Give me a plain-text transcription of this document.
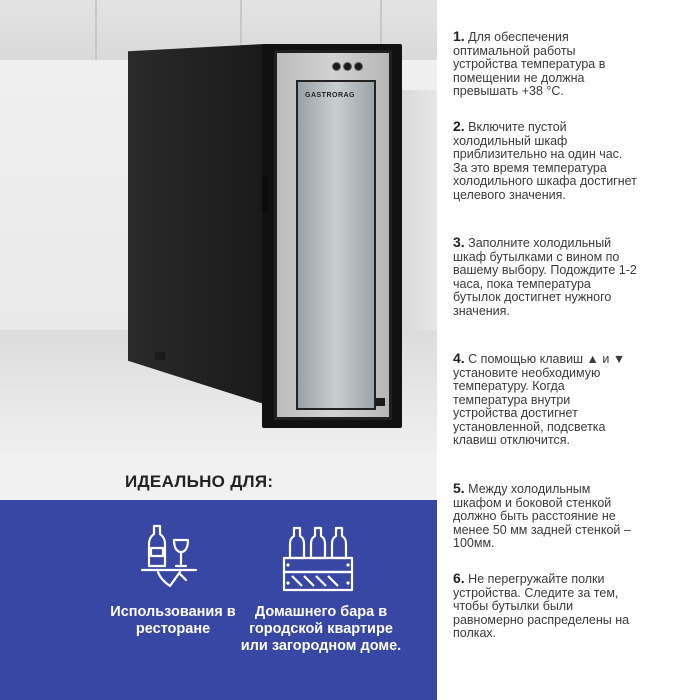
GASTRORAG
ИДЕАЛЬНО ДЛЯ:
Использования в ресторане
Домашнего бара в городской квартире или загородном доме.

1. Для обеспечения оптимальной работы устройства температура в помещении не должна превышать +38 °С.

2. Включите пустой холодильный шкаф приблизительно на один час. За это время температура холодильного шкафа достигнет целевого значения.

3. Заполните холодильный шкаф бутылками с вином по вашему выбору. Подождите 1-2 часа, пока температура бутылок достигнет нужного значения.

4. С помощью клавиш ▲ и ▼ установите необходимую температуру. Когда температура внутри устройства достигнет установленной, подсветка клавиш отключится.

5. Между холодильным шкафом и боковой стенкой должно быть расстояние не менее 50 мм задней стенкой – 100мм.

6. Не перегружайте полки устройства. Следите за тем, чтобы бутылки были равномерно распределены на полках.
